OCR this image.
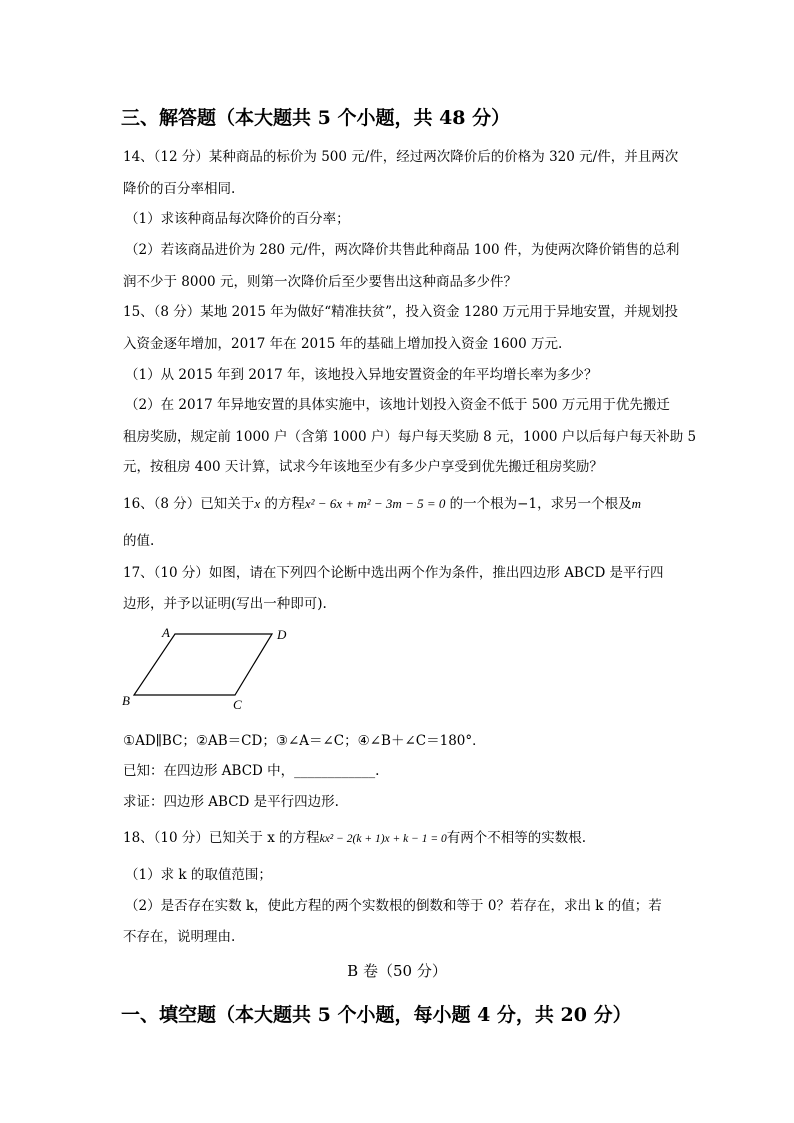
三、解答题（本大题共 5 个小题，共 48 分）
14、（12 分）某种商品的标价为 500 元/件，经过两次降价后的价格为 320 元/件，并且两次
降价的百分率相同.
（1）求该种商品每次降价的百分率；
（2）若该商品进价为 280 元/件，两次降价共售此种商品 100 件，为使两次降价销售的总利
润不少于 8000 元，则第一次降价后至少要售出这种商品多少件？
15、（8 分）某地 2015 年为做好“精准扶贫”，投入资金 1280 万元用于异地安置，并规划投
入资金逐年增加，2017 年在 2015 年的基础上增加投入资金 1600 万元.
（1）从 2015 年到 2017 年，该地投入异地安置资金的年平均增长率为多少？
（2）在 2017 年异地安置的具体实施中，该地计划投入资金不低于 500 万元用于优先搬迁
租房奖励，规定前 1000 户（含第 1000 户）每户每天奖励 8 元，1000 户以后每户每天补助 5
元，按租房 400 天计算，试求今年该地至少有多少户享受到优先搬迁租房奖励？
16、（8 分）已知关于x 的方程x² − 6x + m² − 3m − 5 = 0 的一个根为−1，求另一个根及m
的值.
17、（10 分）如图，请在下列四个论断中选出两个作为条件，推出四边形 ABCD 是平行四
边形，并予以证明(写出一种即可).
A	D
B	C
①AD∥BC；②AB＝CD；③∠A＝∠C；④∠B＋∠C＝180°．
已知：在四边形 ABCD 中，____________.
求证：四边形 ABCD 是平行四边形.
18、（10 分）已知关于 x 的方程kx² − 2(k + 1)x + k − 1 = 0有两个不相等的实数根.
（1）求 k 的取值范围；
（2）是否存在实数 k，使此方程的两个实数根的倒数和等于 0？若存在，求出 k 的值；若
不存在，说明理由.
B 卷（50 分）
一、填空题（本大题共 5 个小题，每小题 4 分，共 20 分）
